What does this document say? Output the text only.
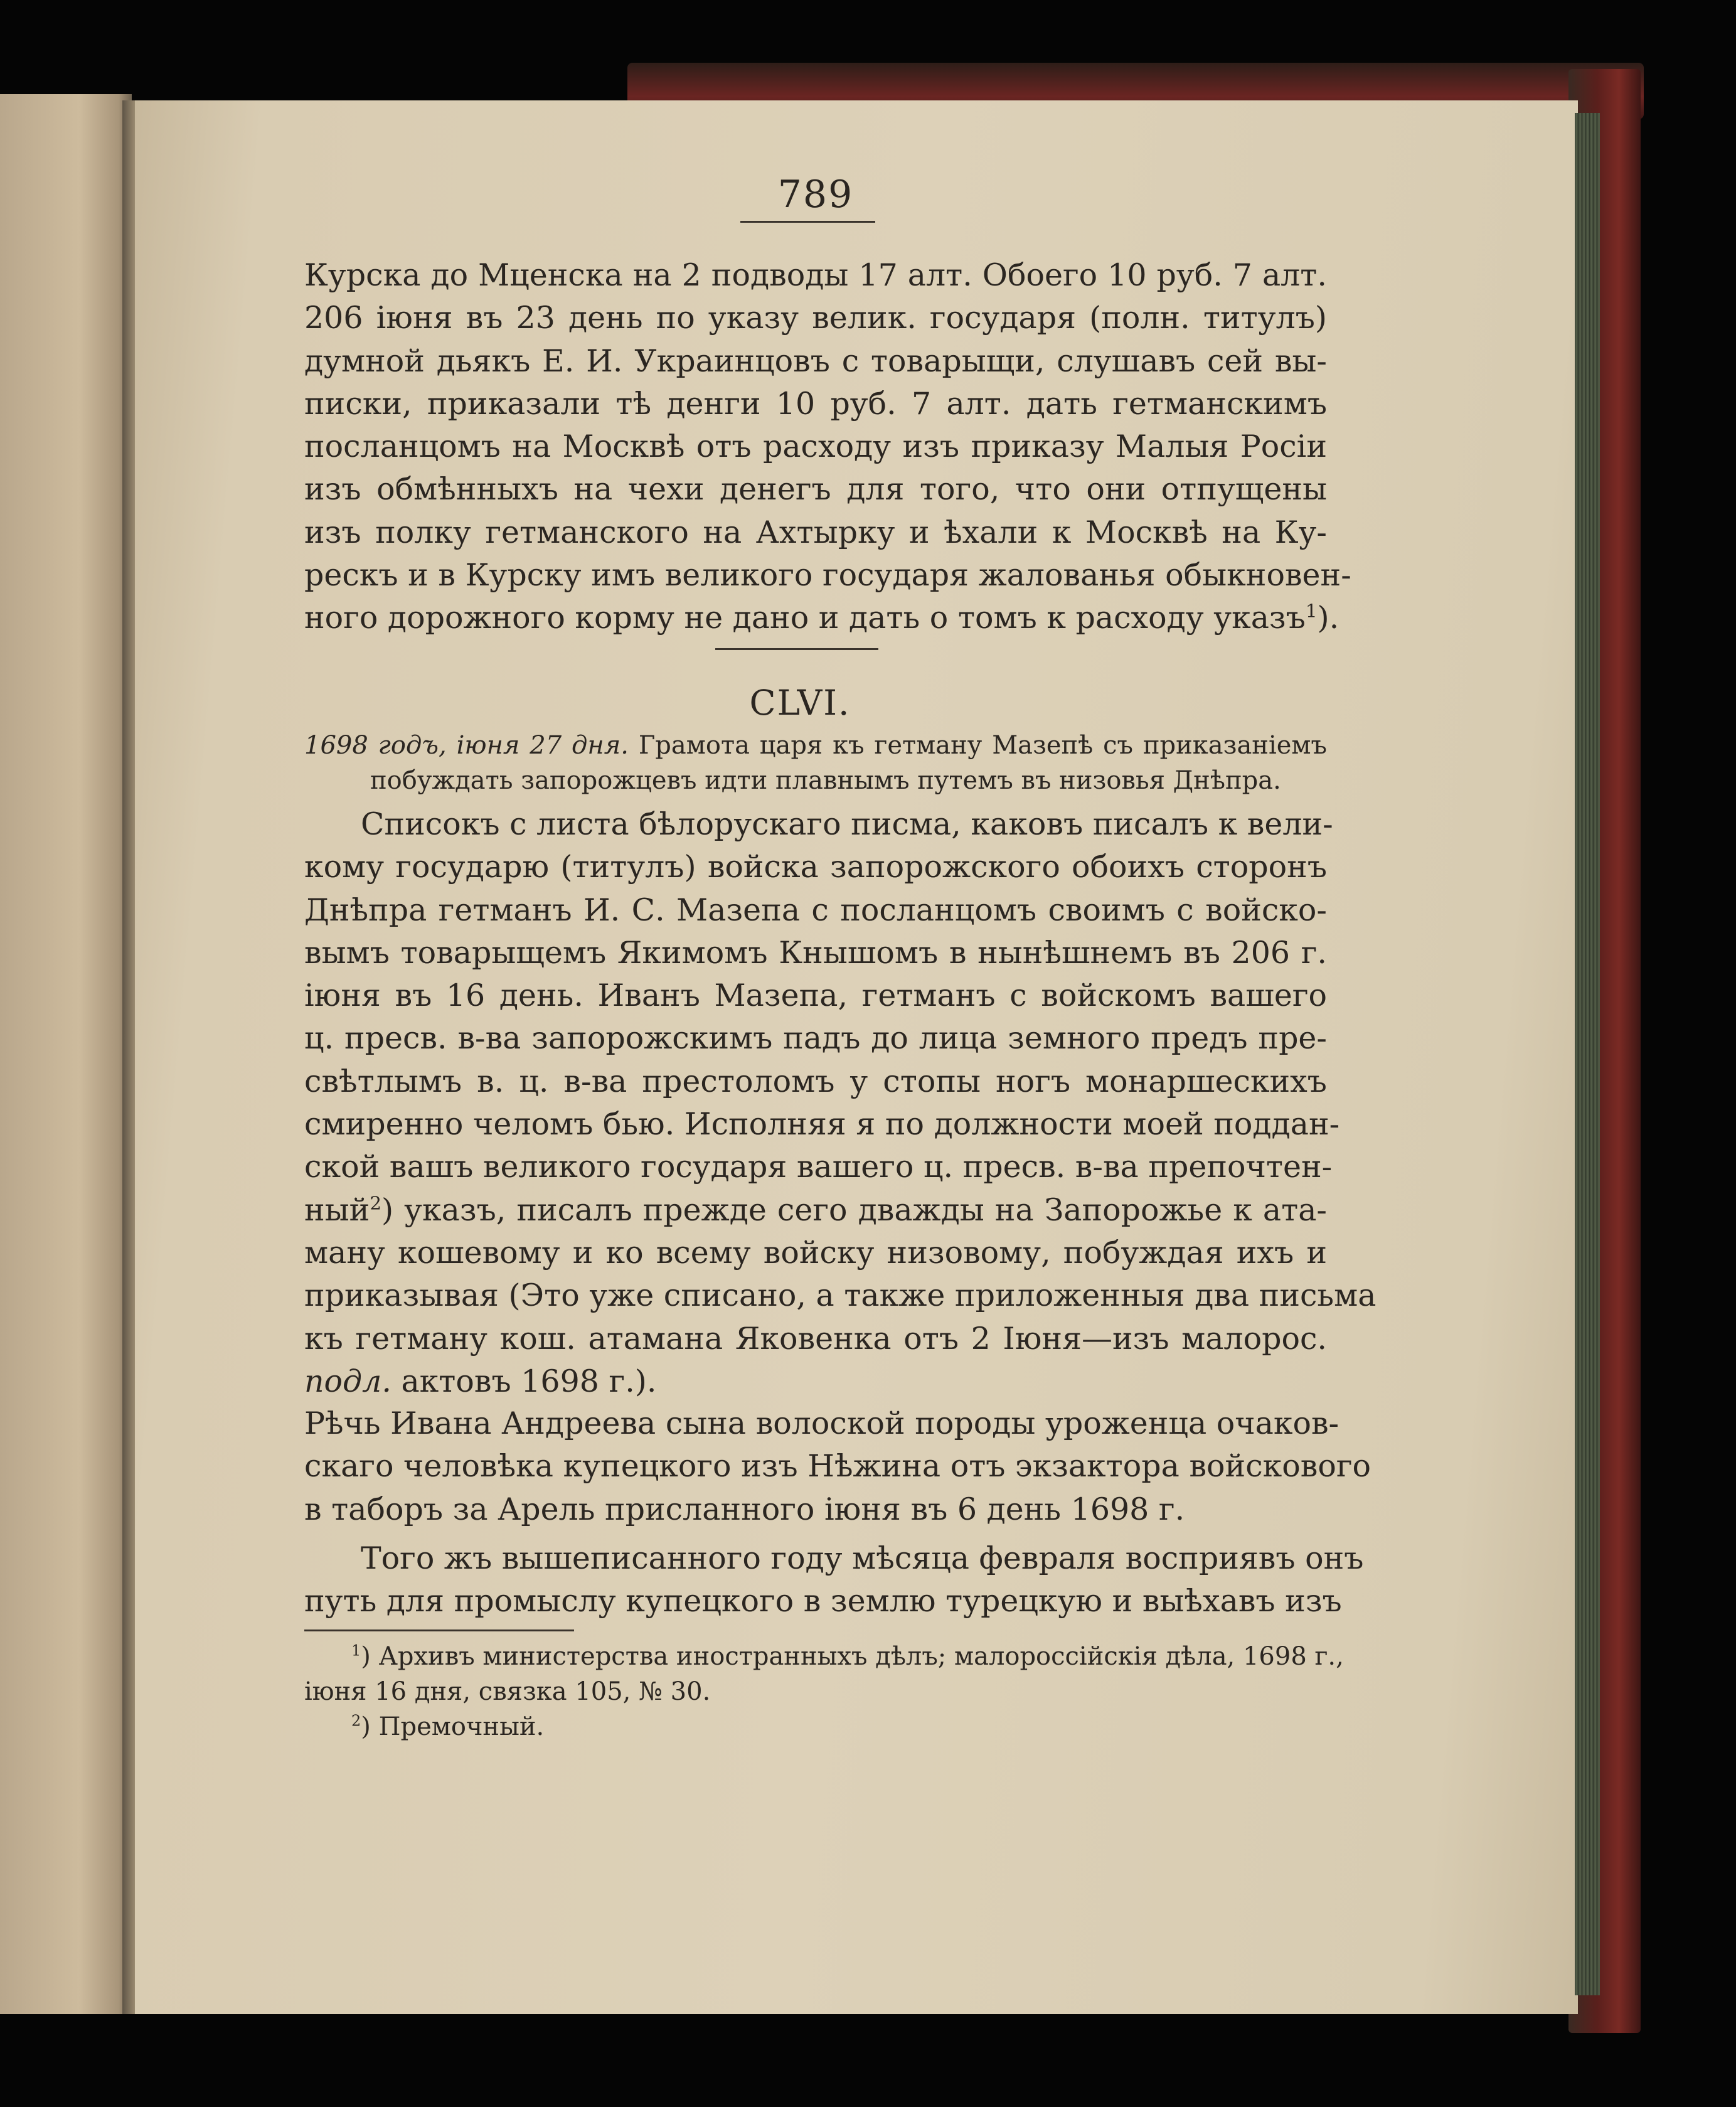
789
Курска до Мценска на 2 подводы 17 алт. Обоего 10 руб. 7 алт.
206 іюня въ 23 день по указу велик. государя (полн. титулъ)
думной дьякъ Е. И. Украинцовъ с товарыщи, слушавъ сей вы-
писки, приказали тѣ денги 10 руб. 7 алт. дать гетманскимъ
посланцомъ на Москвѣ отъ расходу изъ приказу Малыя Росіи
изъ обмѣнныхъ на чехи денегъ для того, что они отпущены
изъ полку гетманского на Ахтырку и ѣхали к Москвѣ на Ку-
рескъ и в Курску имъ великого государя жалованья обыкновен-
ного дорожного корму не дано и дать о томъ к расходу указъ$^1$).
CLVI.
1698 годъ, іюня 27 дня. Грамота царя къ гетману Мазепѣ съ приказаніемъ
побуждать запорожцевъ идти плавнымъ путемъ въ низовья Днѣпра.
Списокъ с листа бѣлорускаго писма, каковъ писалъ к вели-
кому государю (титулъ) войска запорожского обоихъ сторонъ
Днѣпра гетманъ И. С. Мазепа с посланцомъ своимъ с войско-
вымъ товарыщемъ Якимомъ Кнышомъ в нынѣшнемъ въ 206 г.
іюня въ 16 день. Иванъ Мазепа, гетманъ с войскомъ вашего
ц. пресв. в-ва запорожскимъ падъ до лица земного предъ пре-
свѣтлымъ в. ц. в-ва престоломъ у стопы ногъ монаршескихъ
смиренно челомъ бью. Исполняя я по должности моей поддан-
ской вашъ великого государя вашего ц. пресв. в-ва препочтен-
ный$^2$) указъ, писалъ прежде сего дважды на Запорожье к ата-
ману кошевому и ко всему войску низовому, побуждая ихъ и
приказывая (Это уже списано, а также приложенныя два письма
къ гетману кош. атамана Яковенка отъ 2 Іюня—изъ малорос.
подл. актовъ 1698 г.).
Рѣчь Ивана Андреева сына волоской породы уроженца очаков-
скаго человѣка купецкого изъ Нѣжина отъ экзактора войскового
в таборъ за Арель присланного іюня въ 6 день 1698 г.
Того жъ вышеписанного году мѣсяца февраля восприявъ онъ
путь для промыслу купецкого в землю турецкую и выѣхавъ изъ
$^1$) Архивъ министерства иностранныхъ дѣлъ; малороссійскія дѣла, 1698 г.,
іюня 16 дня, связка 105, № 30.
$^2$) Премочный.
